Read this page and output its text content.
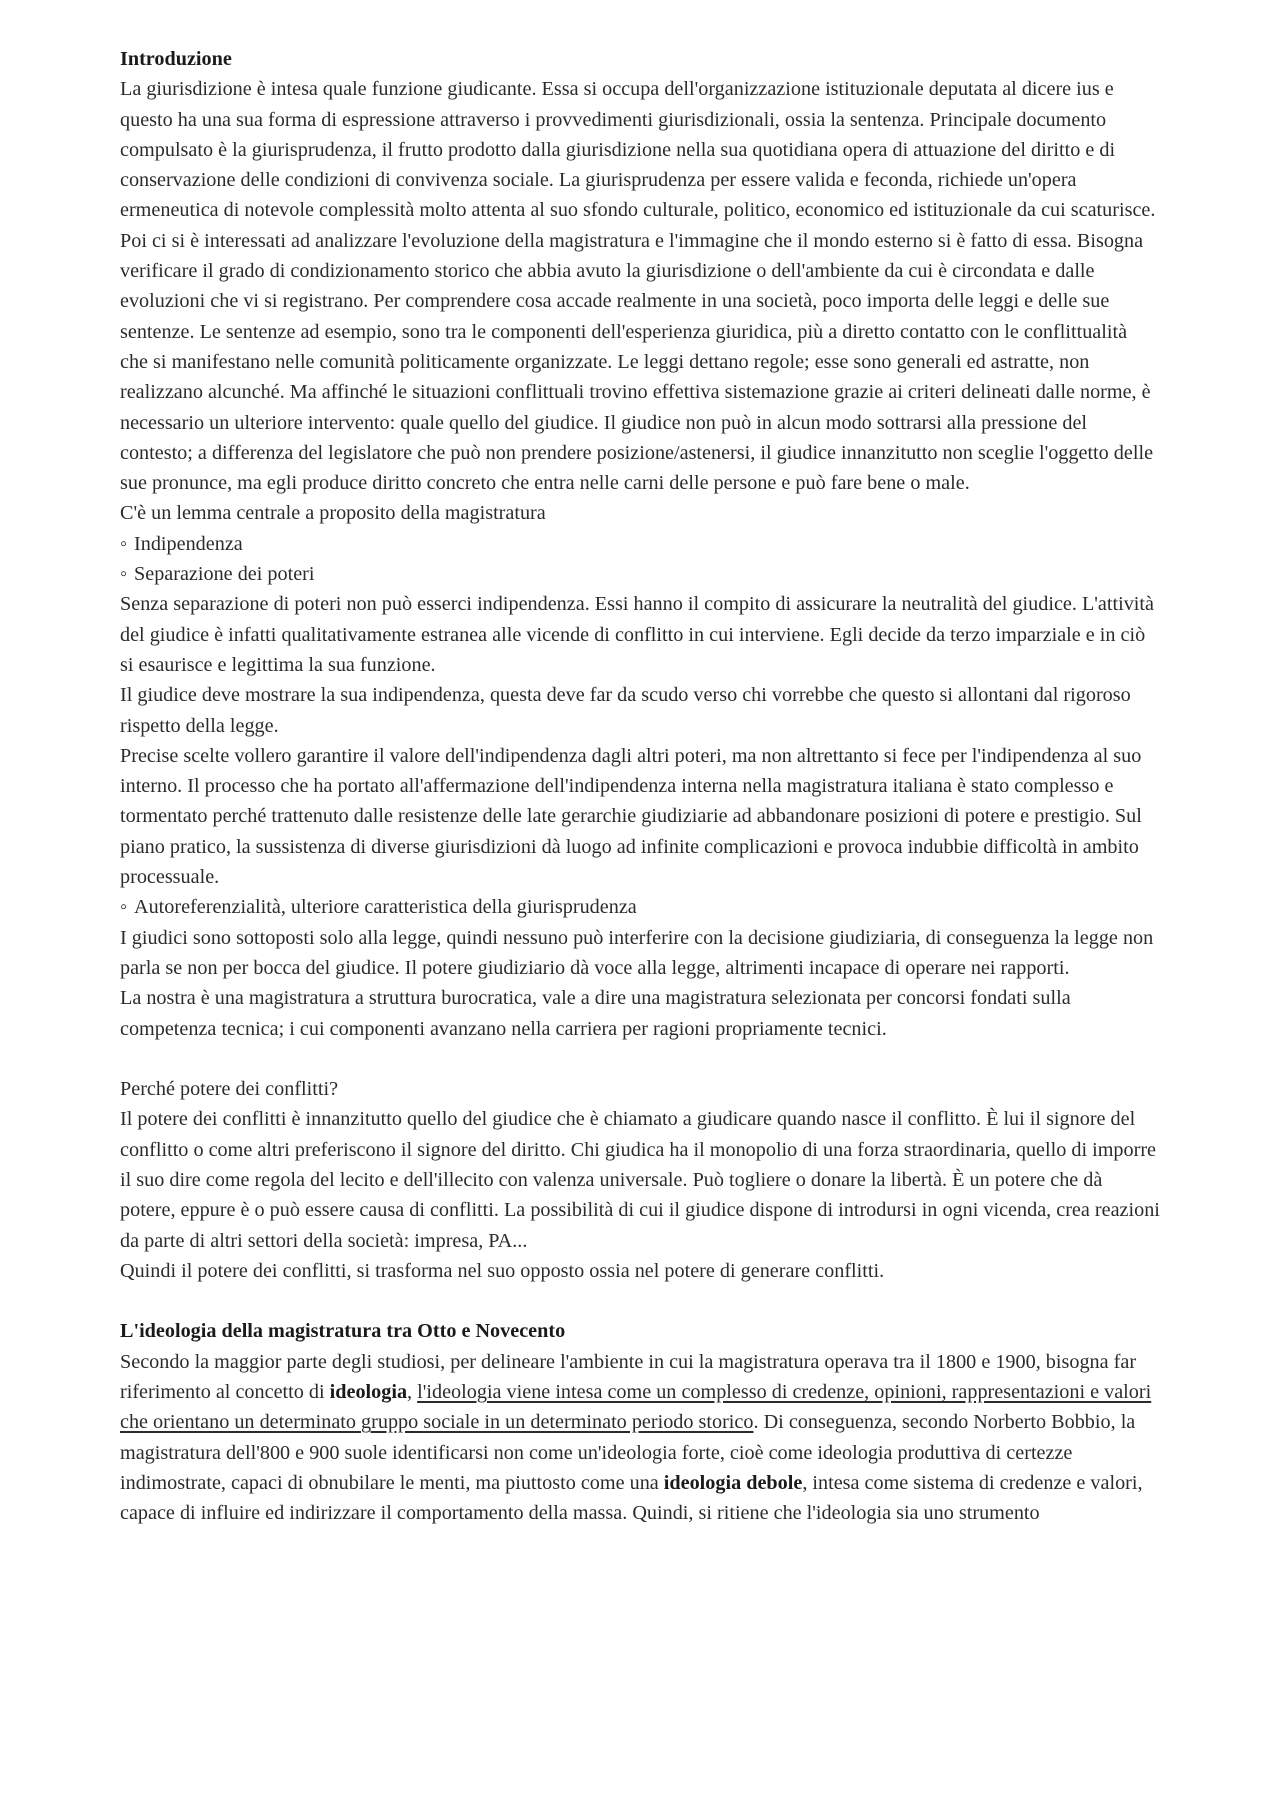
Introduzione

La giurisdizione è intesa quale funzione giudicante. Essa si occupa dell'organizzazione istituzionale deputata al dicere ius e questo ha una sua forma di espressione attraverso i provvedimenti giurisdizionali, ossia la sentenza. Principale documento compulsato è la giurisprudenza, il frutto prodotto dalla giurisdizione nella sua quotidiana opera di attuazione del diritto e di conservazione delle condizioni di convivenza sociale. La giurisprudenza per essere valida e feconda, richiede un'opera ermeneutica di notevole complessità molto attenta al suo sfondo culturale, politico, economico ed istituzionale da cui scaturisce. Poi ci si è interessati ad analizzare l'evoluzione della magistratura e l'immagine che il mondo esterno si è fatto di essa. Bisogna verificare il grado di condizionamento storico che abbia avuto la giurisdizione o dell'ambiente da cui è circondata e dalle evoluzioni che vi si registrano. Per comprendere cosa accade realmente in una società, poco importa delle leggi e delle sue sentenze. Le sentenze ad esempio, sono tra le componenti dell'esperienza giuridica, più a diretto contatto con le conflittualità che si manifestano nelle comunità politicamente organizzate. Le leggi dettano regole; esse sono generali ed astratte, non realizzano alcunché. Ma affinché le situazioni conflittuali trovino effettiva sistemazione grazie ai criteri delineati dalle norme, è necessario un ulteriore intervento: quale quello del giudice. Il giudice non può in alcun modo sottrarsi alla pressione del contesto; a differenza del legislatore che può non prendere posizione/astenersi, il giudice innanzitutto non sceglie l'oggetto delle sue pronunce, ma egli produce diritto concreto che entra nelle carni delle persone e può fare bene o male.

C'è un lemma centrale a proposito della magistratura

◦ Indipendenza

◦ Separazione dei poteri

Senza separazione di poteri non può esserci indipendenza. Essi hanno il compito di assicurare la neutralità del giudice. L'attività del giudice è infatti qualitativamente estranea alle vicende di conflitto in cui interviene. Egli decide da terzo imparziale e in ciò si esaurisce e legittima la sua funzione.

Il giudice deve mostrare la sua indipendenza, questa deve far da scudo verso chi vorrebbe che questo si allontani dal rigoroso rispetto della legge.

Precise scelte vollero garantire il valore dell'indipendenza dagli altri poteri, ma non altrettanto si fece per l'indipendenza al suo interno. Il processo che ha portato all'affermazione dell'indipendenza interna nella magistratura italiana è stato complesso e tormentato perché trattenuto dalle resistenze delle late gerarchie giudiziarie ad abbandonare posizioni di potere e prestigio. Sul piano pratico, la sussistenza di diverse giurisdizioni dà luogo ad infinite complicazioni e provoca indubbie difficoltà in ambito processuale.

◦ Autoreferenzialità, ulteriore caratteristica della giurisprudenza

I giudici sono sottoposti solo alla legge, quindi nessuno può interferire con la decisione giudiziaria, di conseguenza la legge non parla se non per bocca del giudice. Il potere giudiziario dà voce alla legge, altrimenti incapace di operare nei rapporti.

La nostra è una magistratura a struttura burocratica, vale a dire una magistratura selezionata per concorsi fondati sulla competenza tecnica; i cui componenti avanzano nella carriera per ragioni propriamente tecnici.

Perché potere dei conflitti?

Il potere dei conflitti è innanzitutto quello del giudice che è chiamato a giudicare quando nasce il conflitto. È lui il signore del conflitto o come altri preferiscono il signore del diritto. Chi giudica ha il monopolio di una forza straordinaria, quello di imporre il suo dire come regola del lecito e dell'illecito con valenza universale. Può togliere o donare la libertà. È un potere che dà potere, eppure è o può essere causa di conflitti. La possibilità di cui il giudice dispone di introdursi in ogni vicenda, crea reazioni da parte di altri settori della società: impresa, PA...

Quindi il potere dei conflitti, si trasforma nel suo opposto ossia nel potere di generare conflitti.

L'ideologia della magistratura tra Otto e Novecento

Secondo la maggior parte degli studiosi, per delineare l'ambiente in cui la magistratura operava tra il 1800 e 1900, bisogna far riferimento al concetto di ideologia, l'ideologia viene intesa come un complesso di credenze, opinioni, rappresentazioni e valori che orientano un determinato gruppo sociale in un determinato periodo storico. Di conseguenza, secondo Norberto Bobbio, la magistratura dell'800 e 900 suole identificarsi non come un'ideologia forte, cioè come ideologia produttiva di certezze indimostrate, capaci di obnubilare le menti, ma piuttosto come una ideologia debole, intesa come sistema di credenze e valori, capace di influire ed indirizzare il comportamento della massa. Quindi, si ritiene che l'ideologia sia uno strumento
